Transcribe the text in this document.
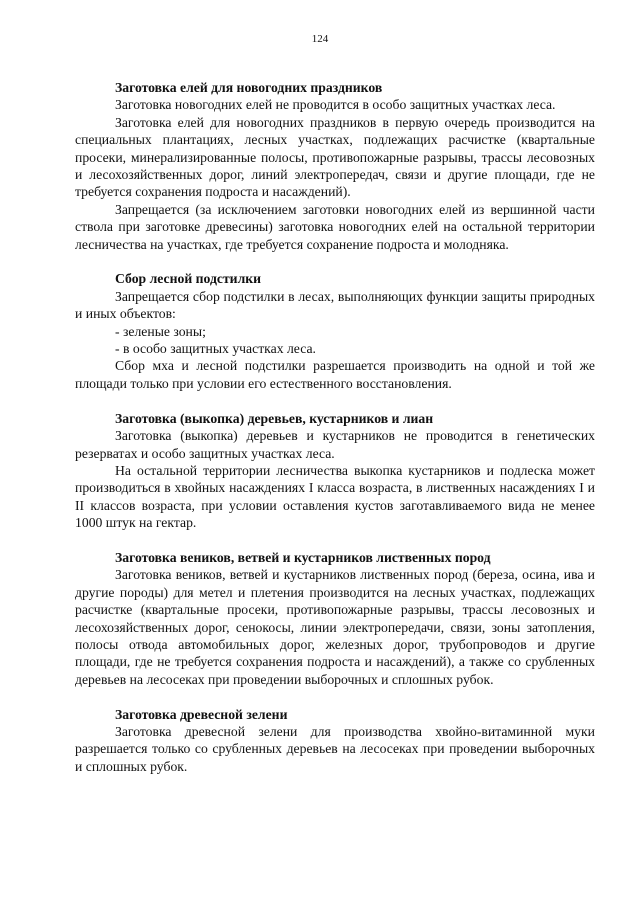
124

Заготовка елей для новогодних праздников

Заготовка новогодних елей не проводится в особо защитных участках леса.

Заготовка елей для новогодних праздников в первую очередь производится на специальных плантациях, лесных участках, подлежащих расчистке (квартальные просеки, минерализированные полосы, противопожарные разрывы, трассы лесовозных и лесохозяйственных дорог, линий электропередач, связи и другие площади, где не требуется сохранения подроста и насаждений).

Запрещается (за исключением заготовки новогодних елей из вершинной части ствола при заготовке древесины) заготовка новогодних елей на остальной территории лесничества на участках, где требуется сохранение подроста и молодняка.

Сбор лесной подстилки

Запрещается сбор подстилки в лесах, выполняющих функции защиты природных и иных объектов:

- зеленые зоны;

- в особо защитных участках леса.

Сбор мха и лесной подстилки разрешается производить на одной и той же площади только при условии его естественного восстановления.

Заготовка (выкопка) деревьев, кустарников и лиан

Заготовка (выкопка) деревьев и кустарников не проводится в генетических резерватах и особо защитных участках леса.

На остальной территории лесничества выкопка кустарников и подлеска может производиться в хвойных насаждениях I класса возраста, в лиственных насаждениях I и II классов возраста, при условии оставления кустов заготавливаемого вида не менее 1000 штук на гектар.

Заготовка веников, ветвей и кустарников лиственных пород

Заготовка веников, ветвей и кустарников лиственных пород (береза, осина, ива и другие породы) для метел и плетения производится на лесных участках, подлежащих расчистке (квартальные просеки, противопожарные разрывы, трассы лесовозных и лесохозяйственных дорог, сенокосы, линии электропередачи, связи, зоны затопления, полосы отвода автомобильных дорог, железных дорог, трубопроводов и другие площади, где не требуется сохранения подроста и насаждений), а также со срубленных деревьев на лесосеках при проведении выборочных и сплошных рубок.

Заготовка древесной зелени

Заготовка древесной зелени для производства хвойно-витаминной муки разрешается только со срубленных деревьев на лесосеках при проведении выборочных и сплошных рубок.
